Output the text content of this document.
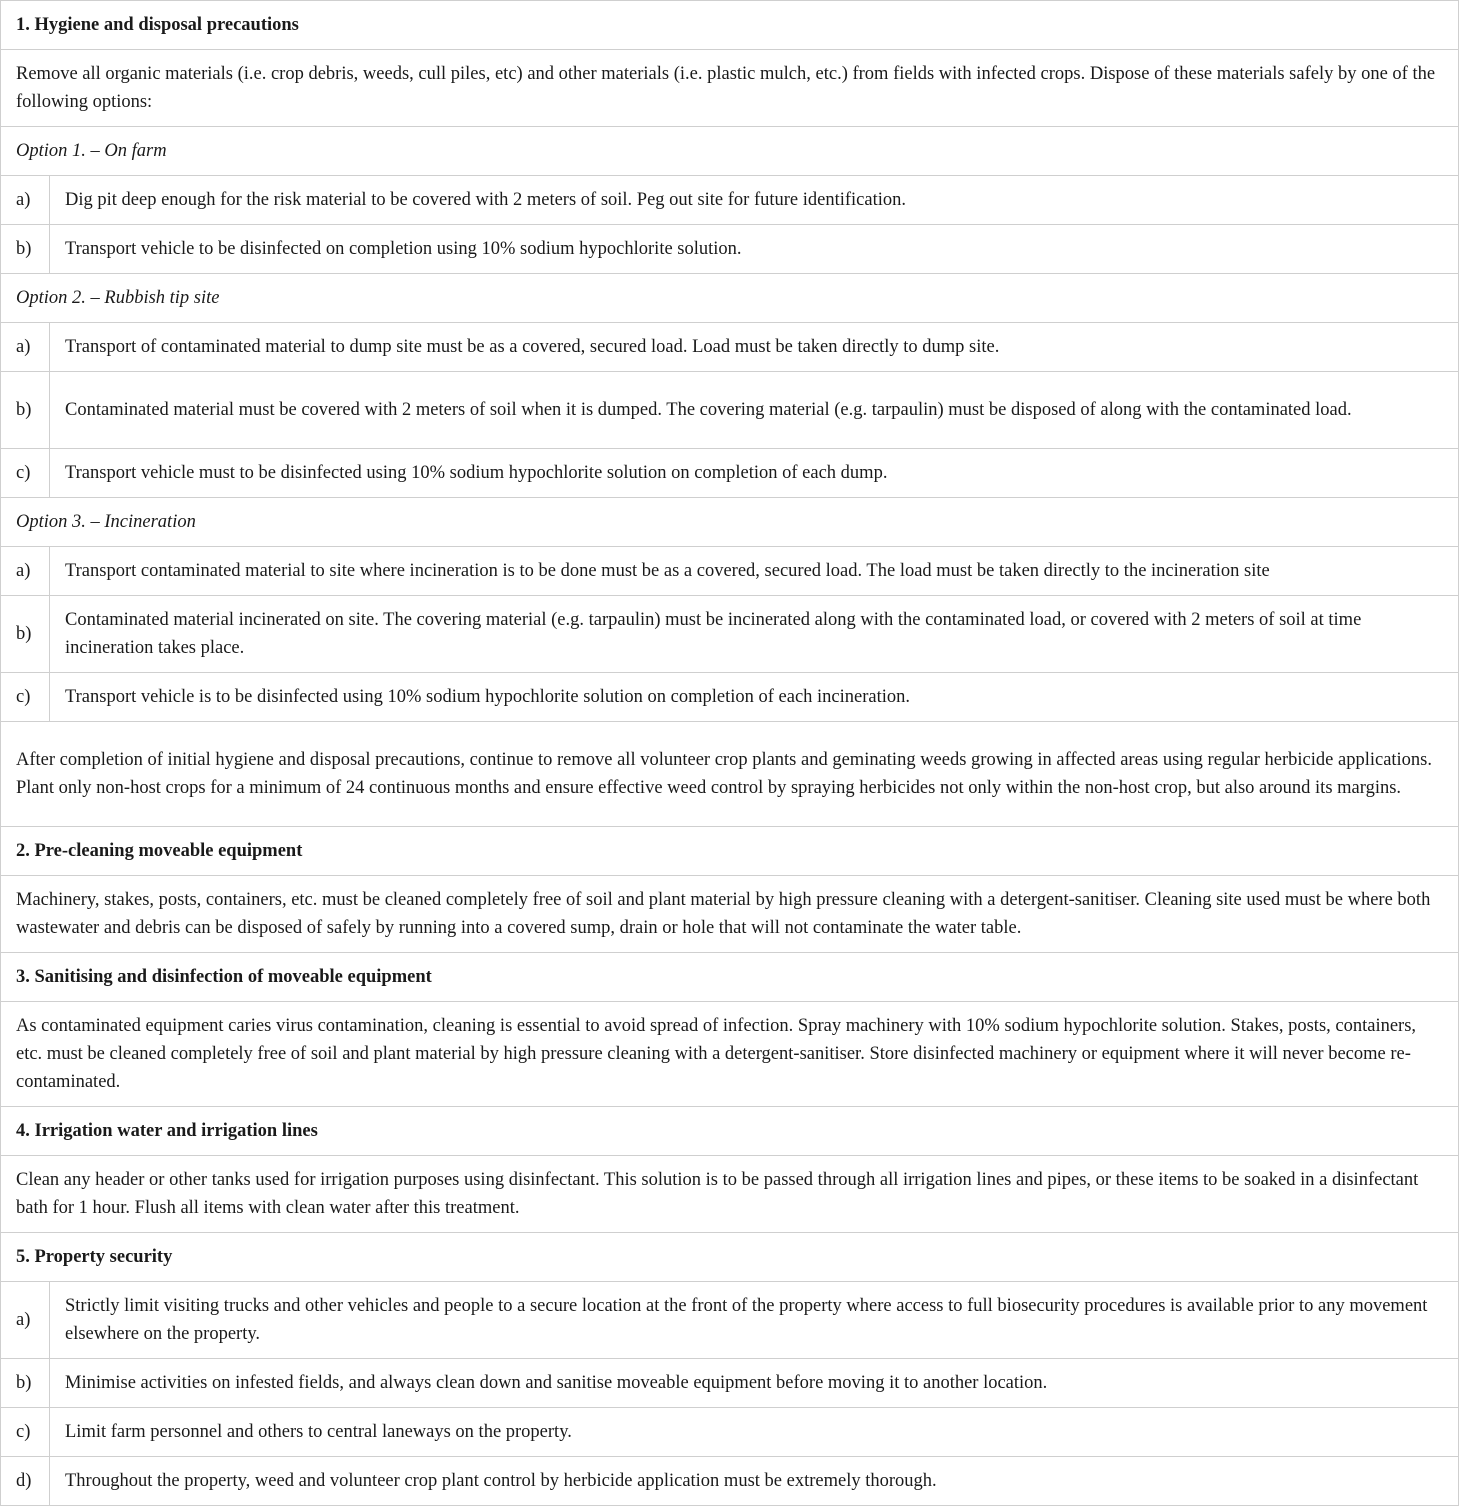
1. Hygiene and disposal precautions	
Remove all organic materials (i.e. crop debris, weeds, cull piles, etc) and other materials (i.e. plastic mulch, etc.) from fields with infected crops. Dispose of these materials safely by one of the following options:	
Option 1. – On farm	
a)	Dig pit deep enough for the risk material to be covered with 2 meters of soil. Peg out site for future identification.
b)	Transport vehicle to be disinfected on completion using 10% sodium hypochlorite solution.
Option 2. – Rubbish tip site	
a)	Transport of contaminated material to dump site must be as a covered, secured load. Load must be taken directly to dump site.
b)	Contaminated material must be covered with 2 meters of soil when it is dumped. The covering material (e.g. tarpaulin) must be disposed of along with the contaminated load.
c)	Transport vehicle must to be disinfected using 10% sodium hypochlorite solution on completion of each dump.
Option 3. – Incineration	
a)	Transport contaminated material to site where incineration is to be done must be as a covered, secured load. The load must be taken directly to the incineration site
b)	Contaminated material incinerated on site. The covering material (e.g. tarpaulin) must be incinerated along with the contaminated load, or covered with 2 meters of soil at time incineration takes place.
c)	Transport vehicle is to be disinfected using 10% sodium hypochlorite solution on completion of each incineration.
After completion of initial hygiene and disposal precautions, continue to remove all volunteer crop plants and geminating weeds growing in affected areas using regular herbicide applications. Plant only non-host crops for a minimum of 24 continuous months and ensure effective weed control by spraying herbicides not only within the non-host crop, but also around its margins.	
2. Pre-cleaning moveable equipment	
Machinery, stakes, posts, containers, etc. must be cleaned completely free of soil and plant material by high pressure cleaning with a detergent-sanitiser. Cleaning site used must be where both wastewater and debris can be disposed of safely by running into a covered sump, drain or hole that will not contaminate the water table.	
3. Sanitising and disinfection of moveable equipment	
As contaminated equipment caries virus contamination, cleaning is essential to avoid spread of infection. Spray machinery with 10% sodium hypochlorite solution. Stakes, posts, containers, etc. must be cleaned completely free of soil and plant material by high pressure cleaning with a detergent-sanitiser. Store disinfected machinery or equipment where it will never become re-contaminated.	
4. Irrigation water and irrigation lines	
Clean any header or other tanks used for irrigation purposes using disinfectant. This solution is to be passed through all irrigation lines and pipes, or these items to be soaked in a disinfectant bath for 1 hour. Flush all items with clean water after this treatment.	
5. Property security	
a)	Strictly limit visiting trucks and other vehicles and people to a secure location at the front of the property where access to full biosecurity procedures is available prior to any movement elsewhere on the property.
b)	Minimise activities on infested fields, and always clean down and sanitise moveable equipment before moving it to another location.
c)	Limit farm personnel and others to central laneways on the property.
d)	Throughout the property, weed and volunteer crop plant control by herbicide application must be extremely thorough.
